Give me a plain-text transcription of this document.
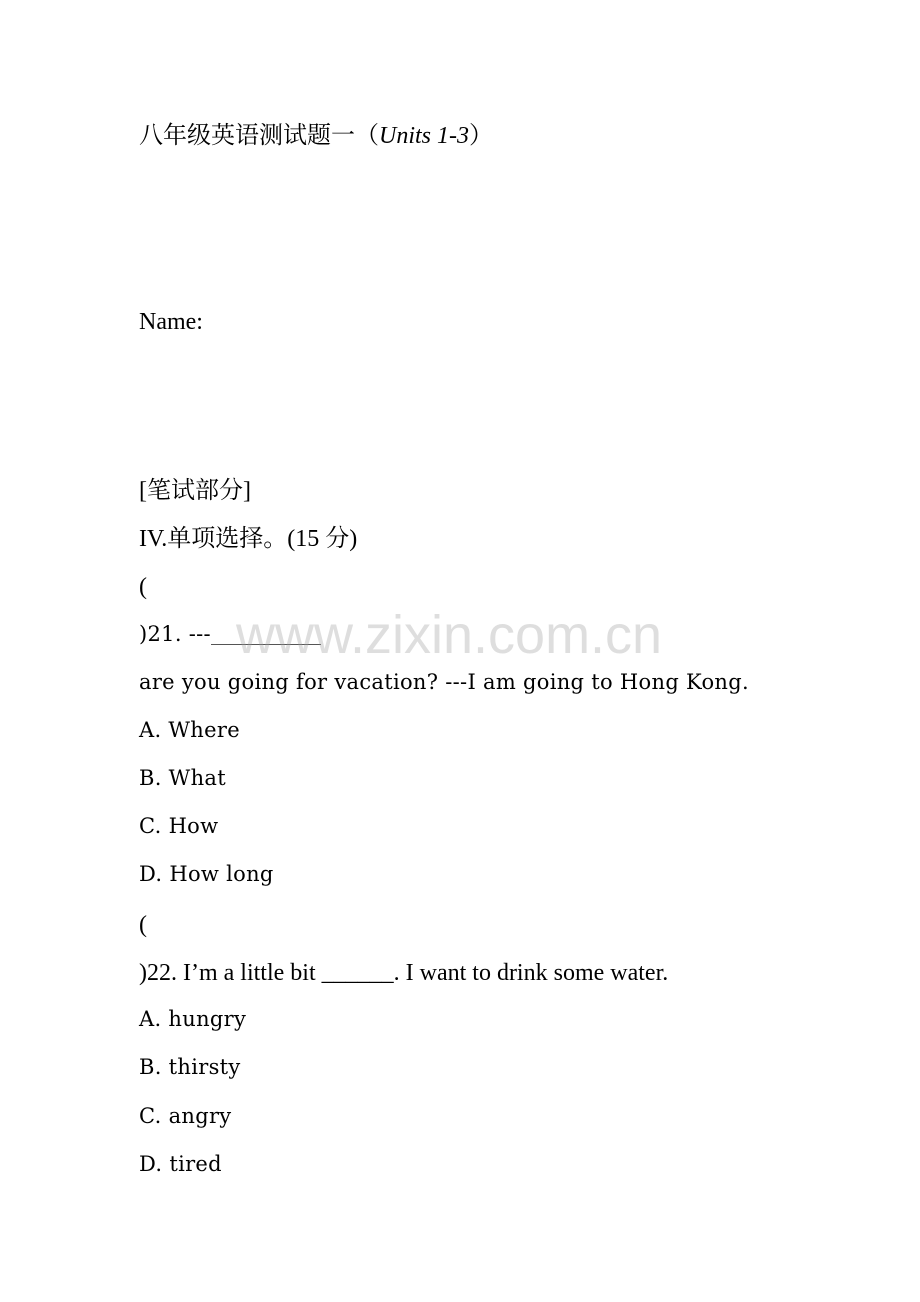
八年级英语测试题一（Units 1-3）
Name:
[笔试部分]
IV.单项选择。(15 分)
(
)21. ---
are you going for vacation? ---I am going to Hong Kong.
A. Where
B. What
C. How
D. How long
(
)22. I’m a little bit ______. I want to drink some water.
A. hungry
B. thirsty
C. angry
D. tired
www.zixin.com.cn
